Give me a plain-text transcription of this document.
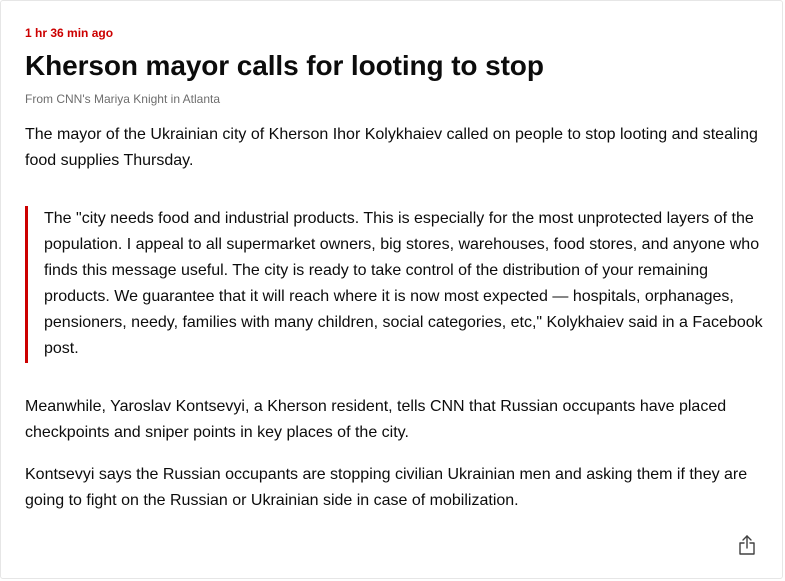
1 hr 36 min ago
Kherson mayor calls for looting to stop
From CNN's Mariya Knight in Atlanta

The mayor of the Ukrainian city of Kherson Ihor Kolykhaiev called on people to stop looting and stealing food supplies Thursday.

The "city needs food and industrial products. This is especially for the most unprotected layers of the population. I appeal to all supermarket owners, big stores, warehouses, food stores, and anyone who finds this message useful. The city is ready to take control of the distribution of your remaining products. We guarantee that it will reach where it is now most expected — hospitals, orphanages, pensioners, needy, families with many children, social categories, etc," Kolykhaiev said in a Facebook post.

Meanwhile, Yaroslav Kontsevyi, a Kherson resident, tells CNN that Russian occupants have placed checkpoints and sniper points in key places of the city.

Kontsevyi says the Russian occupants are stopping civilian Ukrainian men and asking them if they are going to fight on the Russian or Ukrainian side in case of mobilization.
